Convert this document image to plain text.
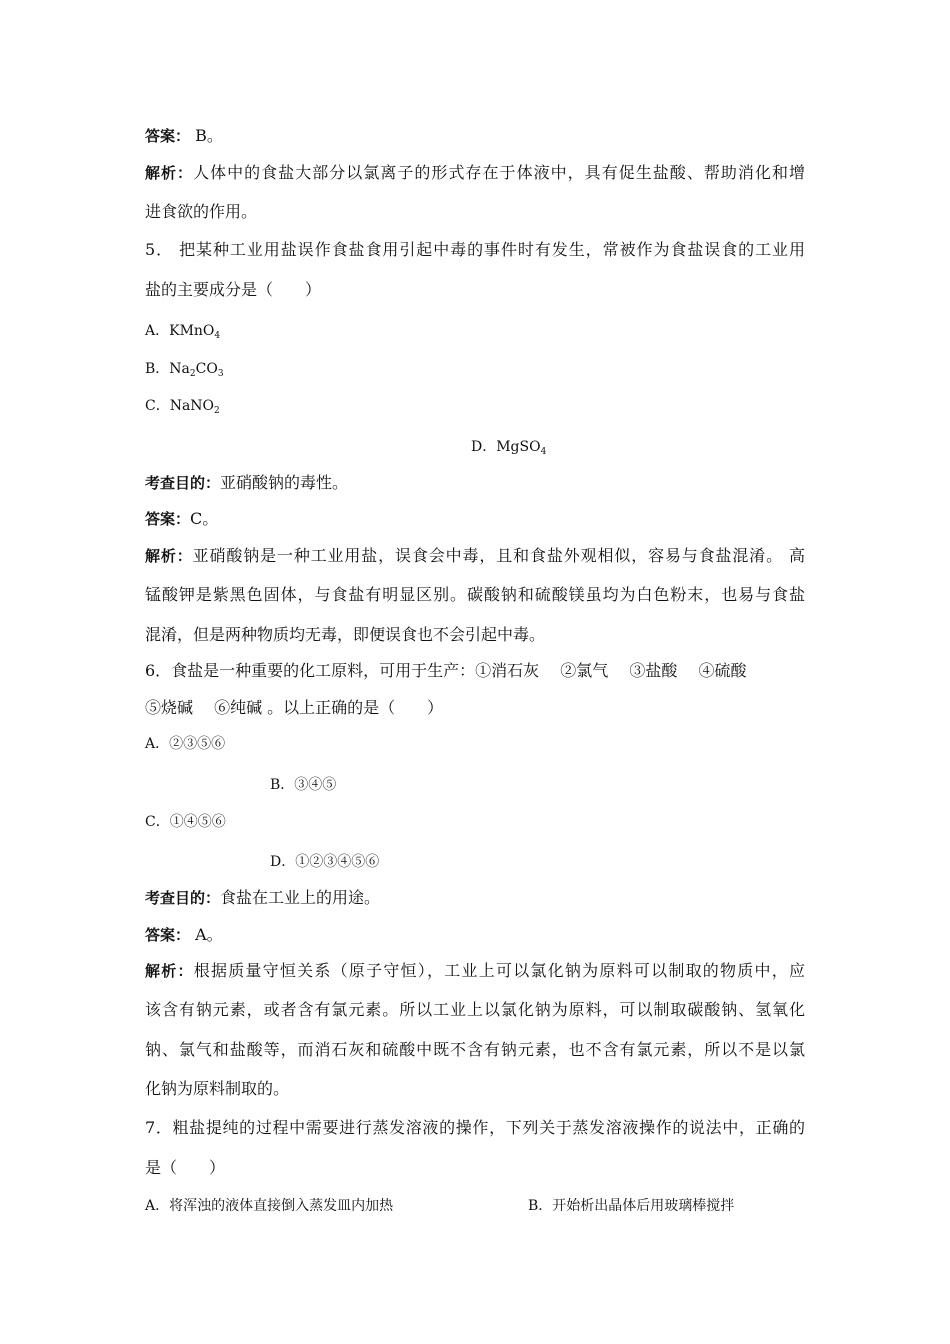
答案： B。
解析：人体中的食盐大部分以氯离子的形式存在于体液中，具有促生盐酸、帮助消化和增
进食欲的作用。
5． 把某种工业用盐误作食盐食用引起中毒的事件时有发生，常被作为食盐误食的工业用
盐的主要成分是（　　）
A．KMnO$_4$
B．$Na_2CO_3$
C．NaNO$_2$
D．MgSO$_4$
考查目的：亚硝酸钠的毒性。
答案：C。
解析：亚硝酸钠是一种工业用盐，误食会中毒，且和食盐外观相似，容易与食盐混淆。 高
锰酸钾是紫黑色固体，与食盐有明显区别。碳酸钠和硫酸镁虽均为白色粉末，也易与食盐
混淆，但是两种物质均无毒，即便误食也不会引起中毒。
6．食盐是一种重要的化工原料，可用于生产：①消石灰　 ②氯气　 ③盐酸　 ④硫酸
⑤烧碱　 ⑥纯碱 。以上正确的是（　　）
A．②③⑤⑥
B．③④⑤
C．①④⑤⑥
D．①②③④⑤⑥
考查目的：食盐在工业上的用途。
答案： A。
解析：根据质量守恒关系（原子守恒），工业上可以氯化钠为原料可以制取的物质中，应
该含有钠元素，或者含有氯元素。所以工业上以氯化钠为原料，可以制取碳酸钠、氢氧化
钠、氯气和盐酸等，而消石灰和硫酸中既不含有钠元素，也不含有氯元素，所以不是以氯
化钠为原料制取的。
7．粗盐提纯的过程中需要进行蒸发溶液的操作，下列关于蒸发溶液操作的说法中，正确的
是（　　）
A．将浑浊的液体直接倒入蒸发皿内加热	B．开始析出晶体后用玻璃棒搅拌
